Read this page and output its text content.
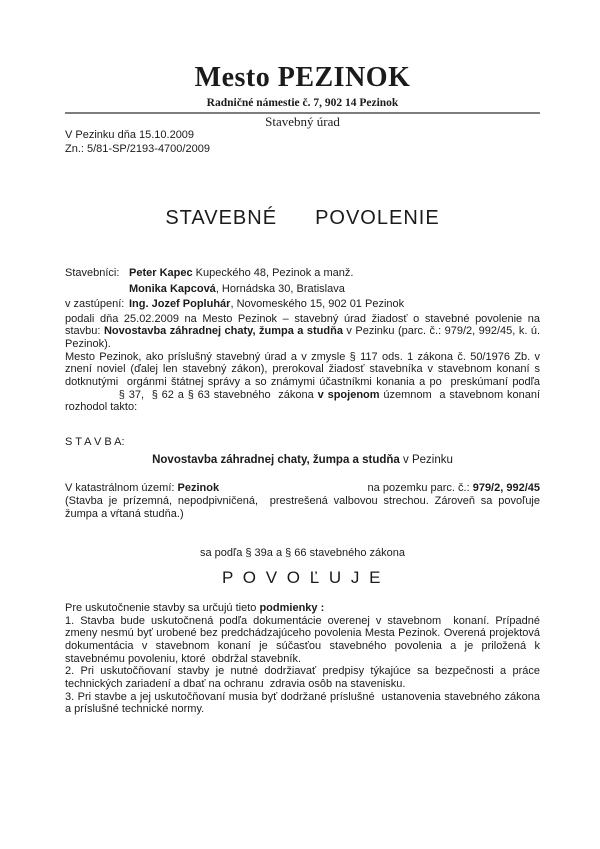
Mesto PEZINOK
Radničné námestie č. 7, 902 14 Pezinok
Stavebný úrad
V Pezinku dňa 15.10.2009
Zn.: 5/81-SP/2193-4700/2009
STAVEBNÉ POVOLENIE
Stavebníci: Peter Kapec Kupeckého 48, Pezinok a manž.
Monika Kapcová, Hornádska 30, Bratislava
v zastúpení: Ing. Jozef Popluhár, Novomeského 15, 902 01 Pezinok

podali dňa 25.02.2009 na Mesto Pezinok – stavebný úrad žiadosť o stavebné povolenie na stavbu: Novostavba záhradnej chaty, žumpa a studňa v Pezinku (parc. č.: 979/2, 992/45, k. ú. Pezinok).

Mesto Pezinok, ako príslušný stavebný úrad a v zmysle § 117 ods. 1 zákona č. 50/1976 Zb. v znení noviel (ďalej len stavebný zákon), prerokoval žiadosť stavebníka v stavebnom konaní s dotknutými  orgánmi štátnej správy a so známymi účastníkmi konania a po  preskúmaní podľa               § 37,  § 62 a § 63 stavebného  zákona v spojenom územnom  a stavebnom konaní rozhodol takto:

S T A V B A:
Novostavba záhradnej chaty, žumpa a studňa v Pezinku
V katastrálnom území: Pezinok	na pozemku parc. č.: 979/2, 992/45

(Stavba je prízemná, nepodpivničená,  prestrešená valbovou strechou. Zároveň sa povoľuje žumpa a vŕtaná studňa.)

sa podľa § 39a a § 66 stavebného zákona
P O V O Ľ U J E
Pre uskutočnenie stavby sa určujú tieto podmienky :

1. Stavba bude uskutočnená podľa dokumentácie overenej v stavebnom  konaní. Prípadné zmeny nesmú byť urobené bez predchádzajúceho povolenia Mesta Pezinok. Overená projektová dokumentácia v stavebnom konaní je súčasťou stavebného povolenia a je priložená k stavebnému povoleniu, ktoré  obdržal stavebník.

2. Pri uskutočňovaní stavby je nutné dodržiavať predpisy týkajúce sa bezpečnosti a práce technických zariadení a dbať na ochranu  zdravia osôb na stavenisku.

3. Pri stavbe a jej uskutočňovaní musia byť dodržané príslušné  ustanovenia stavebného zákona a príslušné technické normy.
